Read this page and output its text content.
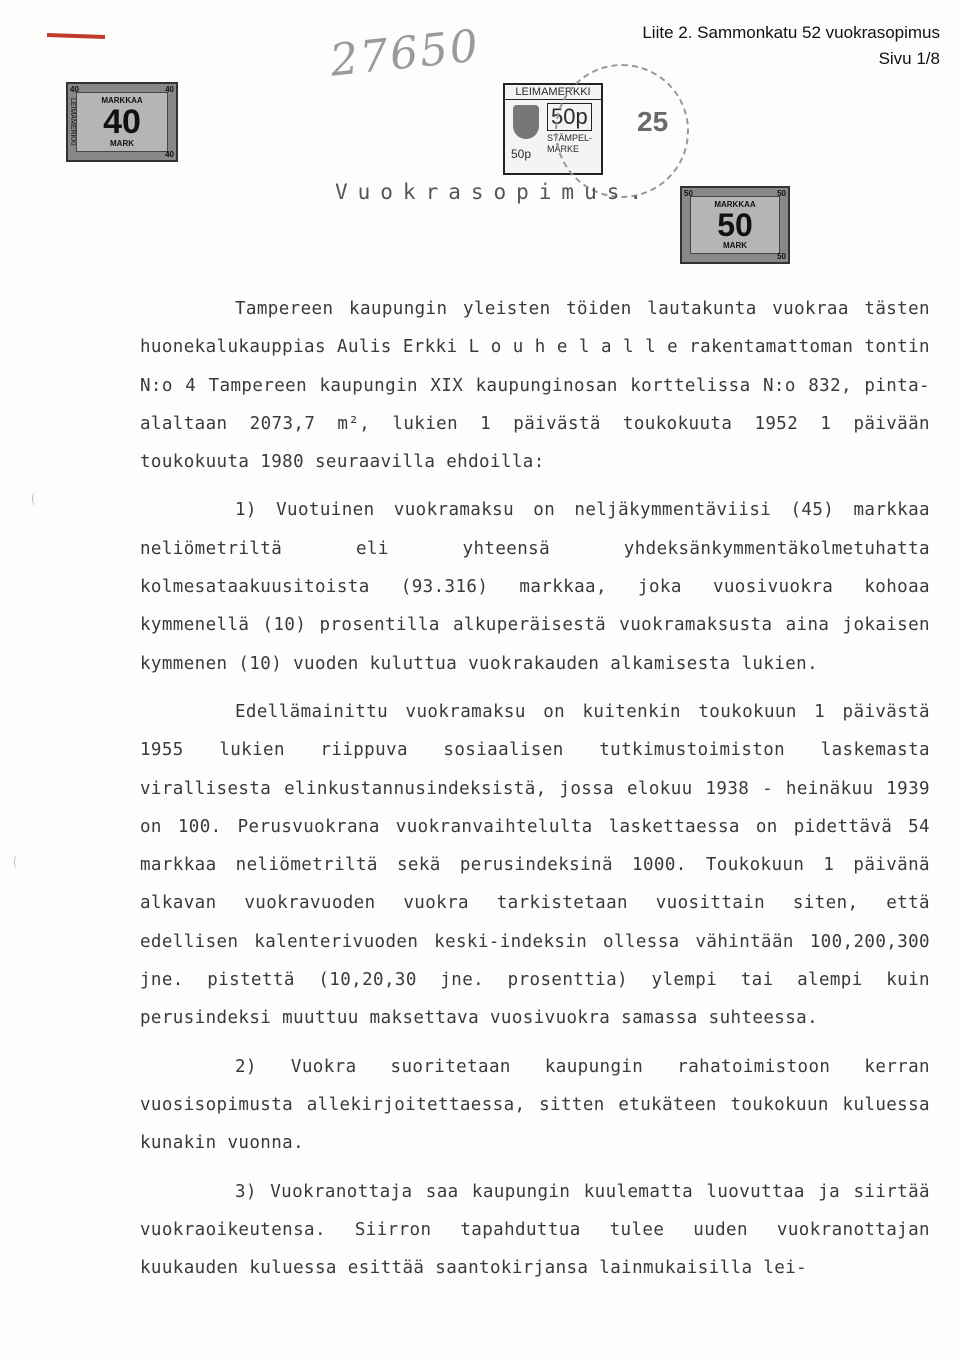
Liite 2. Sammonkatu 52 vuokrasopimus
Sivu 1/8
27650
MARKKAA
40
MARK
LEIMAMERKKI
40	40
40
LEIMAMERKKI
50p
STÄMPEL-
MÄRKE
50p
25
MARKKAA
50
MARK
50	50
50
Vuokrasopimus.

Tampereen kaupungin yleisten töiden lautakunta vuokraa tästen huonekalukauppias Aulis Erkki L o u h e l a l l e rakentamattoman tontin N:o 4 Tampereen kaupungin XIX kaupunginosan korttelissa N:o 832, pinta-alaltaan 2073,7 m², lukien 1 päivästä toukokuuta 1952 1 päivään toukokuuta 1980 seuraavilla ehdoilla:

1) Vuotuinen vuokramaksu on neljäkymmentäviisi (45) markkaa neliömetriltä eli yhteensä yhdeksänkymmentäkolmetuhatta kolmesataakuusitoista (93.316) markkaa, joka vuosivuokra kohoaa kymmenellä (10) prosentilla alkuperäisestä vuokramaksusta aina jokaisen kymmenen (10) vuoden kuluttua vuokrakauden alkamisesta lukien.

Edellämainittu vuokramaksu on kuitenkin toukokuun 1 päivästä 1955 lukien riippuva sosiaalisen tutkimustoimiston laskemasta virallisesta elinkustannusindeksistä, jossa elokuu 1938 - heinäkuu 1939 on 100. Perusvuokrana vuokranvaihtelulta laskettaessa on pidettävä 54 markkaa neliömetriltä sekä perusindeksinä 1000. Toukokuun 1 päivänä alkavan vuokravuoden vuokra tarkistetaan vuosittain siten, että edellisen kalenterivuoden keski-indeksin ollessa vähintään 100,200,300 jne. pistettä (10,20,30 jne. prosenttia) ylempi tai alempi kuin perusindeksi muuttuu maksettava vuosivuokra samassa suhteessa.

2) Vuokra suoritetaan kaupungin rahatoimistoon kerran vuosisopimusta allekirjoitettaessa, sitten etukäteen toukokuun kuluessa kunakin vuonna.

3) Vuokranottaja saa kaupungin kuulematta luovuttaa ja siirtää vuokraoikeutensa. Siirron tapahduttua tulee uuden vuokranottajan kuukauden kuluessa esittää saantokirjansa lainmukaisilla lei-
